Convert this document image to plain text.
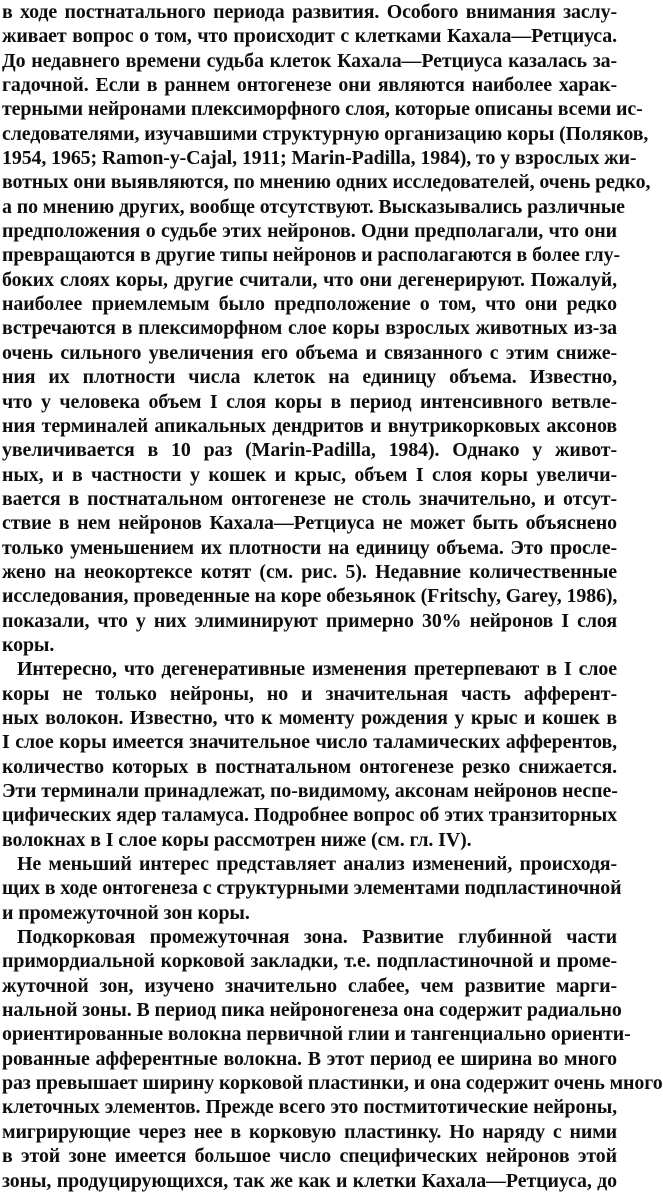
в ходе постнатального периода развития. Особого внимания заслу-
живает вопрос о том, что происходит с клетками Кахала—Ретциуса.
До недавнего времени судьба клеток Кахала—Ретциуса казалась за-
гадочной. Если в раннем онтогенезе они являются наиболее харак-
терными нейронами плексиморфного слоя, которые описаны всеми ис-
следователями, изучавшими структурную организацию коры (Поляков,
1954, 1965; Ramon-y-Cajal, 1911; Marin-Padilla, 1984), то у взрослых жи-
вотных они выявляются, по мнению одних исследователей, очень редко,
а по мнению других, вообще отсутствуют. Высказывались различные
предположения о судьбе этих нейронов. Одни предполагали, что они
превращаются в другие типы нейронов и располагаются в более глу-
боких слоях коры, другие считали, что они дегенерируют. Пожалуй,
наиболее приемлемым было предположение о том, что они редко
встречаются в плексиморфном слое коры взрослых животных из-за
очень сильного увеличения его объема и связанного с этим сниже-
ния их плотности числа клеток на единицу объема. Известно,
что у человека объем I слоя коры в период интенсивного ветвле-
ния терминалей апикальных дендритов и внутрикорковых аксонов
увеличивается в 10 раз (Marin-Padilla, 1984). Однако у живот-
ных, и в частности у кошек и крыс, объем I слоя коры увеличи-
вается в постнатальном онтогенезе не столь значительно, и отсут-
ствие в нем нейронов Кахала—Ретциуса не может быть объяснено
только уменьшением их плотности на единицу объема. Это просле-
жено на неокортексе котят (см. рис. 5). Недавние количественные
исследования, проведенные на коре обезьянок (Fritschy, Garey, 1986),
показали, что у них элиминируют примерно 30% нейронов I слоя
коры.
Интересно, что дегенеративные изменения претерпевают в I слое
коры не только нейроны, но и значительная часть афферент-
ных волокон. Известно, что к моменту рождения у крыс и кошек в
I слое коры имеется значительное число таламических афферентов,
количество которых в постнатальном онтогенезе резко снижается.
Эти терминали принадлежат, по-видимому, аксонам нейронов неспе-
цифических ядер таламуса. Подробнее вопрос об этих транзиторных
волокнах в I слое коры рассмотрен ниже (см. гл. IV).
Не меньший интерес представляет анализ изменений, происходя-
щих в ходе онтогенеза с структурными элементами подпластиночной
и промежуточной зон коры.
Подкорковая промежуточная зона. Развитие глубинной части
примордиальной корковой закладки, т.е. подпластиночной и проме-
жуточной зон, изучено значительно слабее, чем развитие марги-
нальной зоны. В период пика нейроногенеза она содержит радиально
ориентированные волокна первичной глии и тангенциально ориенти-
рованные афферентные волокна. В этот период ее ширина во много
раз превышает ширину корковой пластинки, и она содержит очень много
клеточных элементов. Прежде всего это постмитотические нейроны,
мигрирующие через нее в корковую пластинку. Но наряду с ними
в этой зоне имеется большое число специфических нейронов этой
зоны, продуцирующихся, так же как и клетки Кахала—Ретциуса, до
